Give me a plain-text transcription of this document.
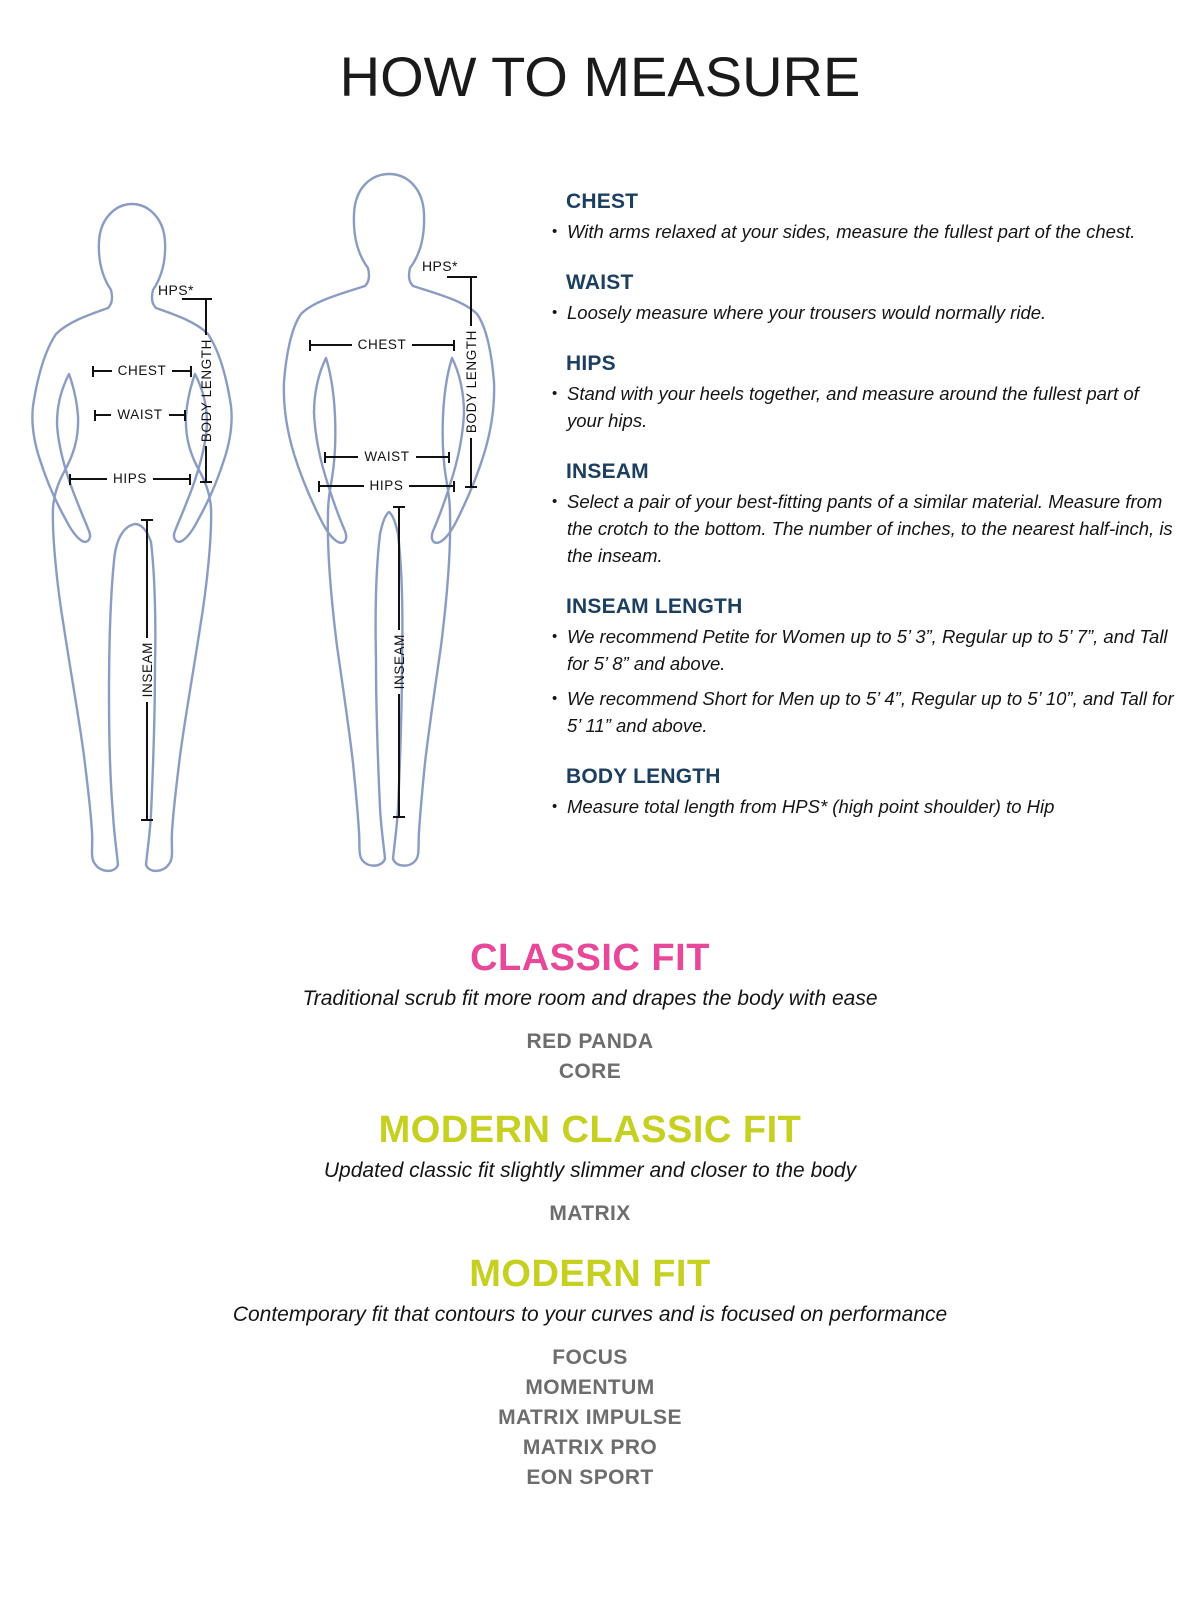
HOW TO MEASURE
HPS*
BODY LENGTH
CHEST
WAIST
HIPS
INSEAM
HPS*
BODY LENGTH
CHEST
WAIST
HIPS
INSEAM
CHEST
• With arms relaxed at your sides, measure the fullest part of the chest.
WAIST
• Loosely measure where your trousers would normally ride.
HIPS
• Stand with your heels together, and measure around the fullest part of your hips.
INSEAM
• Select a pair of your best-fitting pants of a similar material. Measure from the crotch to the bottom. The number of inches, to the nearest half-inch, is the inseam.
INSEAM LENGTH
• We recommend Petite for Women up to 5’ 3”, Regular up to 5’ 7”, and Tall for 5’ 8” and above.
• We recommend Short for Men up to 5’ 4”, Regular up to 5’ 10”, and Tall for 5’ 11” and above.
BODY LENGTH
• Measure total length from HPS* (high point shoulder) to Hip
CLASSIC FIT
Traditional scrub fit more room and drapes the body with ease
RED PANDA
CORE
MODERN CLASSIC FIT
Updated classic fit slightly slimmer and closer to the body
MATRIX
MODERN FIT
Contemporary fit that contours to your curves and is focused on performance
FOCUS
MOMENTUM
MATRIX IMPULSE
MATRIX PRO
EON SPORT
